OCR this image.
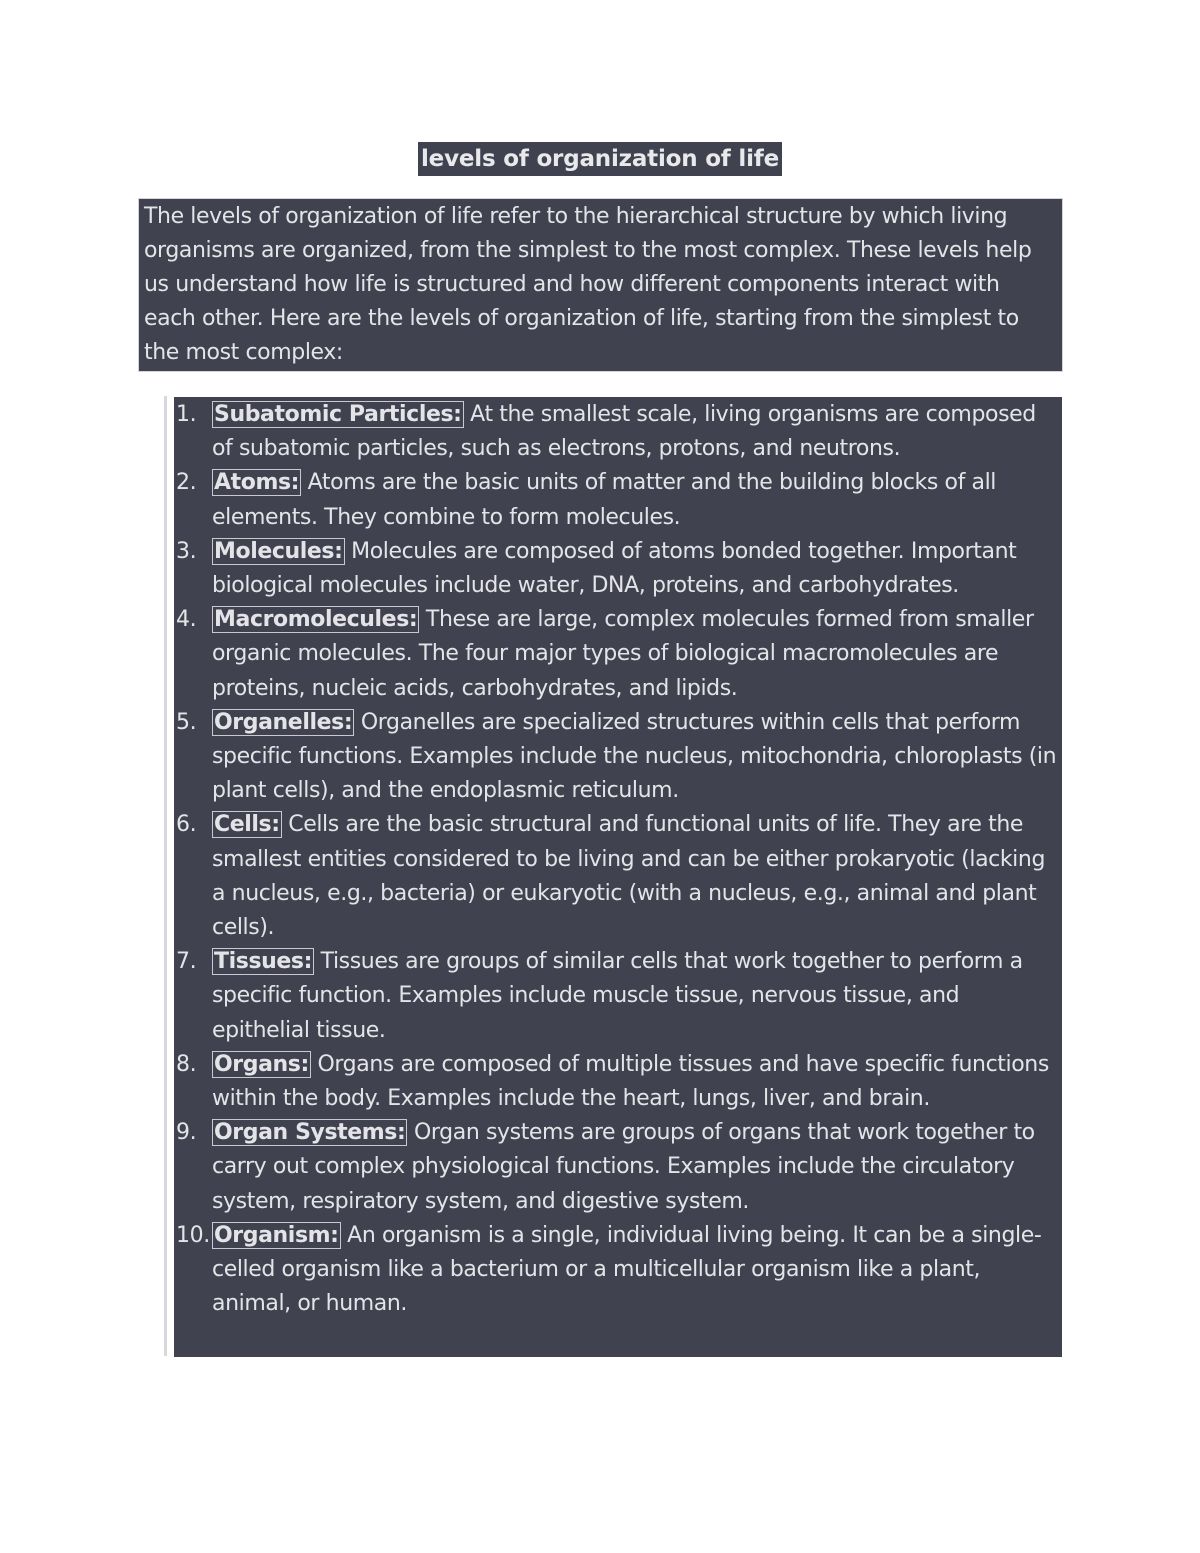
levels of organization of life
The levels of organization of life refer to the hierarchical structure by which living organisms are organized, from the simplest to the most complex. These levels help us understand how life is structured and how different components interact with each other. Here are the levels of organization of life, starting from the simplest to the most complex:
1. Subatomic Particles: At the smallest scale, living organisms are composed of subatomic particles, such as electrons, protons, and neutrons.
2. Atoms: Atoms are the basic units of matter and the building blocks of all elements. They combine to form molecules.
3. Molecules: Molecules are composed of atoms bonded together. Important biological molecules include water, DNA, proteins, and carbohydrates.
4. Macromolecules: These are large, complex molecules formed from smaller organic molecules. The four major types of biological macromolecules are proteins, nucleic acids, carbohydrates, and lipids.
5. Organelles: Organelles are specialized structures within cells that perform specific functions. Examples include the nucleus, mitochondria, chloroplasts (in plant cells), and the endoplasmic reticulum.
6. Cells: Cells are the basic structural and functional units of life. They are the smallest entities considered to be living and can be either prokaryotic (lacking a nucleus, e.g., bacteria) or eukaryotic (with a nucleus, e.g., animal and plant cells).
7. Tissues: Tissues are groups of similar cells that work together to perform a specific function. Examples include muscle tissue, nervous tissue, and epithelial tissue.
8. Organs: Organs are composed of multiple tissues and have specific functions within the body. Examples include the heart, lungs, liver, and brain.
9. Organ Systems: Organ systems are groups of organs that work together to carry out complex physiological functions. Examples include the circulatory system, respiratory system, and digestive system.
10. Organism: An organism is a single, individual living being. It can be a single-celled organism like a bacterium or a multicellular organism like a plant, animal, or human.
